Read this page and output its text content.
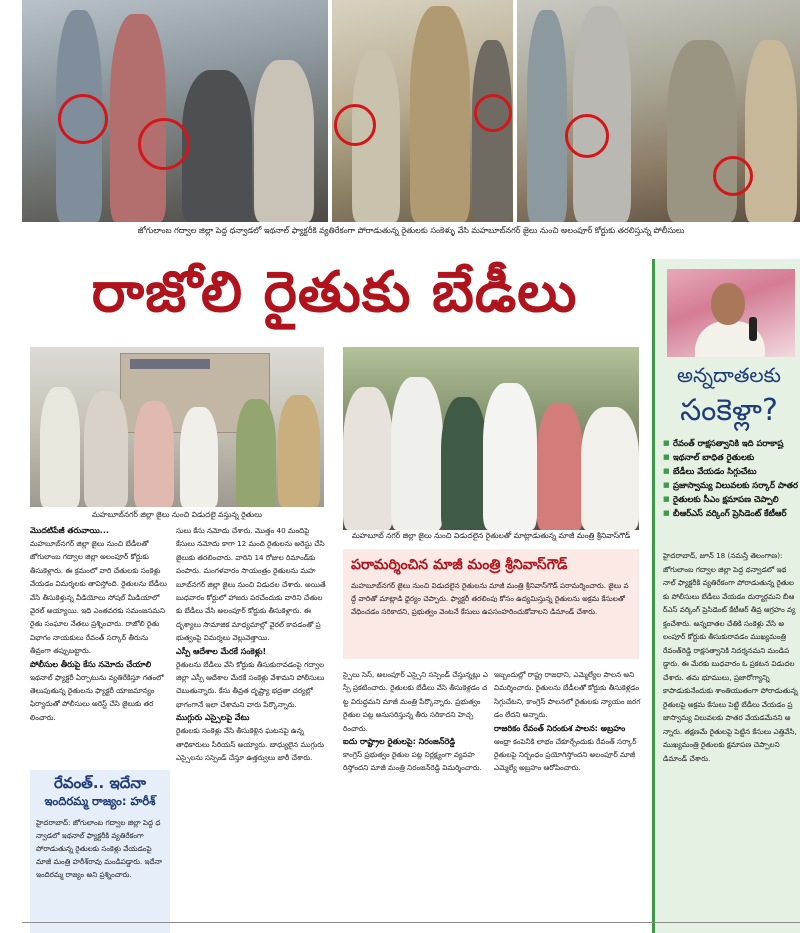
జోగులాంబ గద్వాల జిల్లా పెద్ద ధన్వాడలో ఇథనాల్ ఫ్యాక్టరీకి వ్యతిరేకంగా పోరాడుతున్న రైతులకు సంకెళ్ళు వేసి మహబూబ్‌నగర్ జైలు నుంచి అలంపూర్ కోర్టుకు తరలిస్తున్న పోలీసులు
రాజోలి రైతుకు బేడీలు
అన్నదాతలకు
సంకెళ్లా?
■ రేవంత్ రాక్షసత్వానికి ఇది పరాకాష్ట
■ ఇథనాల్ బాధిత రైతులకు
■ బేడీలు వేయడం సిగ్గుచేటు
■ ప్రజాస్వామ్య విలువలకు సర్కార్ పాతర
■ రైతులకు సీఎం క్షమాపణ చెప్పాలి
■ బీఆర్ఎస్ వర్కింగ్ ప్రెసిడెంట్ కేటీఆర్
హైదరాబాద్, జూన్ 18 (నమస్తే తెలంగాణ): జోగులాంబ గద్వాల జిల్లా పెద్ద ధన్వాడలో ఇథనాల్ ఫ్యాక్టరీకి వ్యతిరేకంగా పోరాడుతున్న రైతులకు పోలీసులు బేడీలు వేయడం దుర్మార్గమని బీఆర్ఎస్ వర్కింగ్ ప్రెసిడెంట్ కేటీఆర్ తీవ్ర ఆగ్రహం వ్యక్తంచేశారు. అన్నదాతల చేతికి సంకెళ్లు వేసి అలంపూర్ కోర్టుకు తీసుకురావడం ముఖ్యమంత్రి రేవంత్‌రెడ్డి రాక్షసత్వానికి నిదర్శనమని మండిపడ్డారు. ఈ మేరకు బుధవారం ఓ ప్రకటన విడుదల చేశారు. తమ భూములు, ప్రజారోగ్యాన్ని కాపాడుకునేందుకు శాంతియుతంగా పోరాడుతున్న రైతులపై అక్రమ కేసులు పెట్టి బేడీలు వేయడం ప్రజాస్వామ్య విలువలకు పాతర వేయడమేనని అన్నారు. తక్షణమే రైతులపై పెట్టిన కేసులు ఎత్తివేసి, ముఖ్యమంత్రి రైతులకు క్షమాపణ చెప్పాలని డిమాండ్ చేశారు.
మహబూబ్‌నగర్ జిల్లా జైలు నుంచి విడుదలై వస్తున్న రైతులు
మహబూబ్ నగర్ జిల్లా జైలు నుంచి విడుదలైన రైతులతో మాట్లాడుతున్న మాజీ మంత్రి శ్రీనివాస్‌గౌడ్
పరామర్శించిన మాజీ మంత్రి శ్రీనివాస్‌గౌడ్
మహబూబ్‌నగర్ జైలు నుంచి విడుదలైన రైతులను మాజీ మంత్రి శ్రీనివాస్‌గౌడ్ పరామర్శించారు. జైలు వద్దే వారితో మాట్లాడి ధైర్యం చెప్పారు. ఫ్యాక్టరీ తరలింపు కోసం ఉద్యమిస్తున్న రైతులను అక్రమ కేసులతో వేధించడం సరికాదని, ప్రభుత్వం వెంటనే కేసులు ఉపసంహరించుకోవాలని డిమాండ్ చేశారు.
మెుదటిపేజీ తరువాయి...
మహబూబ్‌నగర్ జిల్లా జైలు నుంచి బేడీలతో జోగులాంబ గద్వాల జిల్లా అలంపూర్ కోర్టుకు తీసుకెళ్లారు. ఈ క్రమంలో వారి చేతులకు సంకెళ్లు వేయడం విమర్శలకు తావిస్తోంది. రైతులను బేడీలు వేసి తీసుకెళ్తున్న వీడియోలు సోషల్ మీడియాలో వైరల్ అయ్యాయి. ఇది ఎంతవరకు సమంజసమని రైతు సంఘాల నేతలు ప్రశ్నించారు. రాజోలి రైతు విభాగం నాయకులు రేవంత్ సర్కార్ తీరును తీవ్రంగా తప్పుబట్టారు.
పోలీసుల తీరుపై కేసు నమోదు చేయాలి
ఇథనాల్ ఫ్యాక్టరీ ఏర్పాటును వ్యతిరేకిస్తూ గతంలో తెలుపుతున్న రైతులను ఫ్యాక్టరీ యాజమాన్యం ఫిర్యాదుతో పోలీసులు అరెస్ట్ చేసి జైలుకు తరలించారు.
సులు కేసు నమోదు చేశారు. మొత్తం 40 మందిపై కేసులు నమోదు కాగా 12 మంది రైతులను అరెస్టు చేసి జైలుకు తరలించారు. వారిని 14 రోజుల రిమాండ్‌కు పంపారు. మంగళవారం సాయంత్రం రైతులను మహబూబ్‌నగర్ జిల్లా జైలు నుంచి విడుదల చేశారు. అయితే బుధవారం కోర్టులో హాజరు పరచేందుకు వారిని చేతులకు బేడీలు వేసి అలంపూర్ కోర్టుకు తీసుకెళ్లారు. ఈ దృశ్యాలు సామాజిక మాధ్యమాల్లో వైరల్ కావడంతో ప్రభుత్వంపై విమర్శలు వెల్లువెత్తాయి.
ఎస్పీ ఆదేశాల మేరకే సంకెళ్లు!
రైతులను బేడీలు వేసి కోర్టుకు తీసుకురావడంపై గద్వాల జిల్లా ఎస్పీ ఆదేశాల మేరకే సంకెళ్లు వేశామని పోలీసులు చెబుతున్నారు. కేసు తీవ్రత దృష్ట్యా భద్రతా చర్యల్లో భాగంగానే ఇలా చేశామని వారు పేర్కొన్నారు.
ముగ్గురు ఎస్సైలపై వేటు
రైతులకు సంకెళ్లు వేసి తీసుకెళ్లిన ఘటనపై ఉన్నతాధికారులు సీరియస్ అయ్యారు. బాధ్యులైన ముగ్గురు ఎస్సైలను సస్పెండ్ చేస్తూ ఉత్తర్వులు జారీ చేశారు.
స్పైలు సెస్, అలంపూర్ ఎస్సైని సస్పెండ్ చేస్తున్నట్లు ఎస్పీ ప్రకటించారు. రైతులకు బేడీలు వేసి తీసుకెళ్లడం చట్ట విరుద్ధమని మాజీ మంత్రి పేర్కొన్నారు. ప్రభుత్వం రైతుల పట్ల అనుసరిస్తున్న తీరు సరికాదని హెచ్చరించారు.
ఐదు రాష్ట్రాల రైతులపై: నిరంజన్‌రెడ్డి
కాంగ్రెస్ ప్రభుత్వం రైతుల పట్ల నిర్లక్ష్యంగా వ్యవహరిస్తోందని మాజీ మంత్రి నిరంజన్‌రెడ్డి విమర్శించారు.
ఇబ్బందుల్లో రాష్ట్ర రాజధాని, ఎమ్మెల్యేల పాలన అని విమర్శించారు. రైతులను బేడీలతో కోర్టుకు తీసుకెళ్లడం సిగ్గుచేటని, కాంగ్రెస్ పాలనలో రైతులకు న్యాయం జరగడం లేదని అన్నారు.
రాజరికం రేవంత్ నిరంకుశ పాలన: అబ్రహం
ఆంధ్రా కంపెనీకి లాభం చేకూర్చేందుకు రేవంత్ సర్కార్ రైతులపై నిర్బంధం ప్రయోగిస్తోందని అలంపూర్ మాజీ ఎమ్మెల్యే అబ్రహం ఆరోపించారు.
రేవంత్.. ఇదేనా
ఇందిరమ్మ రాజ్యం: హరీశ్
హైదరాబాద్: జోగులాంబ గద్వాల జిల్లా పెద్ద ధన్వాడలో ఇథనాల్ ఫ్యాక్టరీకి వ్యతిరేకంగా పోరాడుతున్న రైతులకు సంకెళ్లు వేయడంపై మాజీ మంత్రి హరీశ్‌రావు మండిపడ్డారు. ఇదేనా ఇందిరమ్మ రాజ్యం అని ప్రశ్నించారు.
